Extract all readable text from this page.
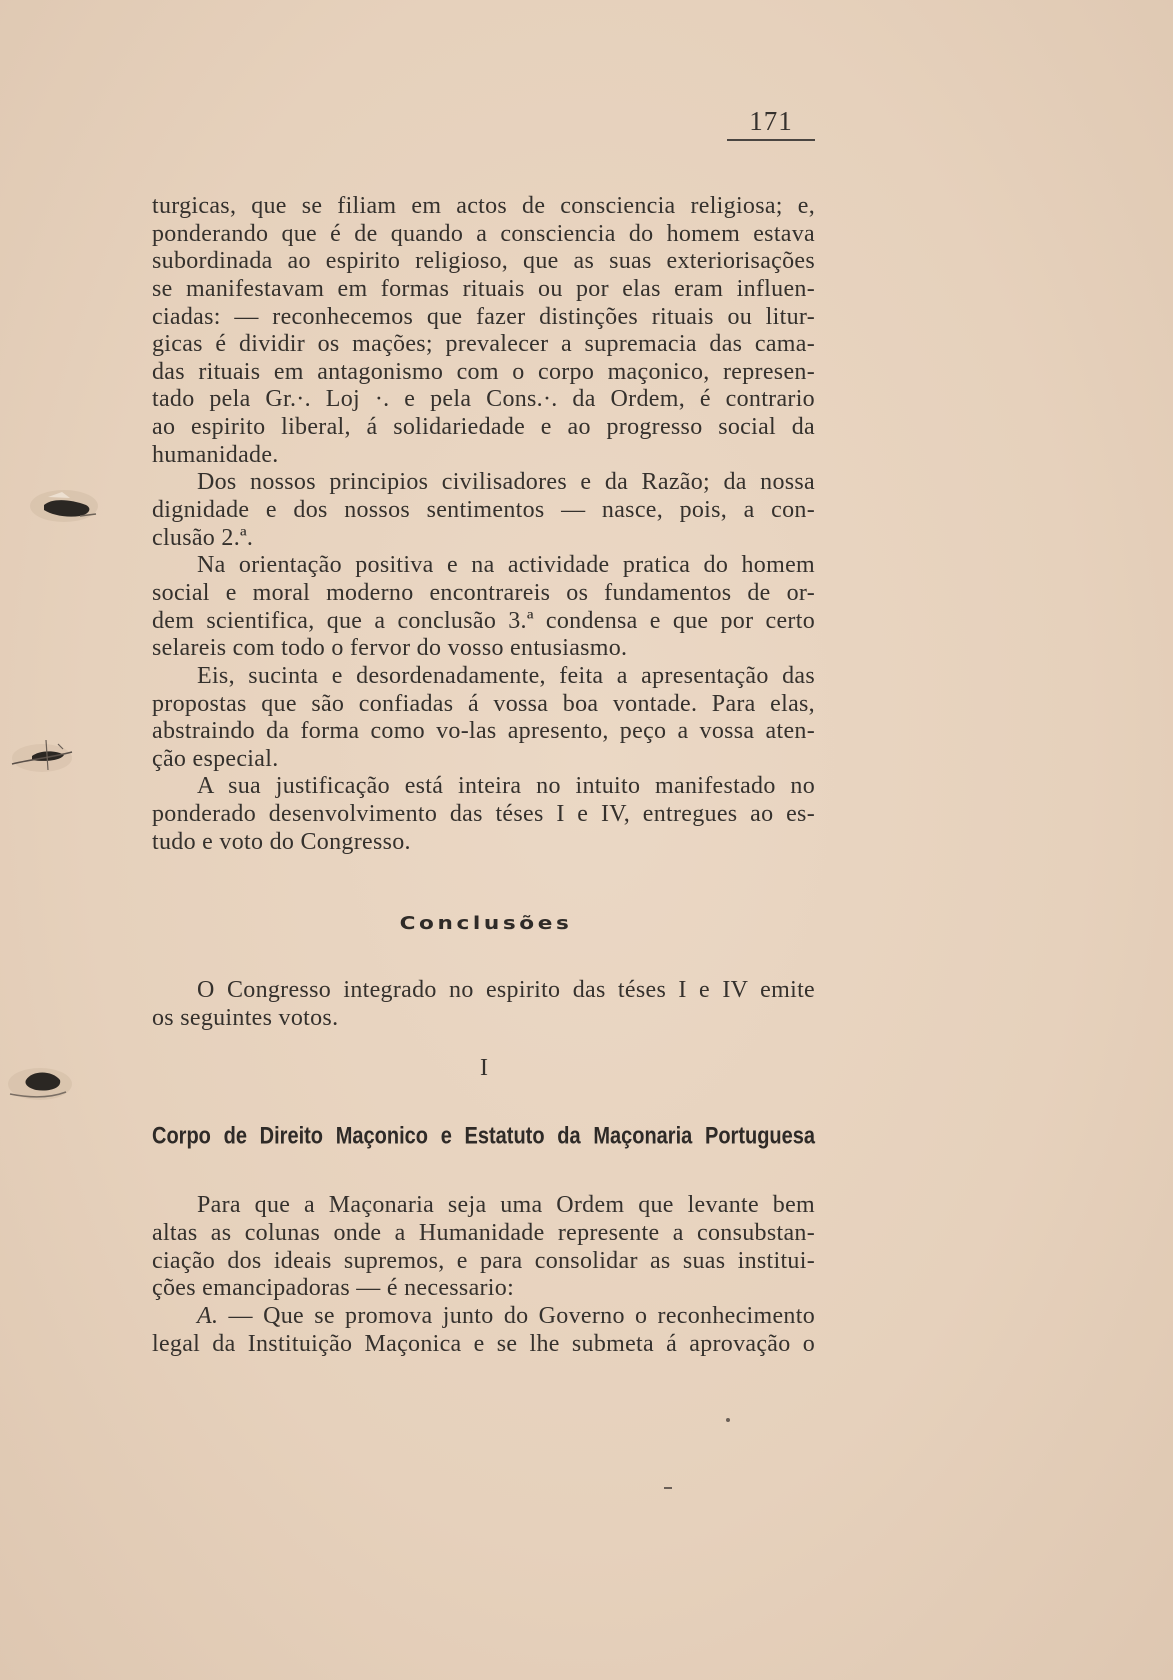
171
turgicas, que se filiam em actos de consciencia religiosa; e,
ponderando que é de quando a consciencia do homem estava
subordinada ao espirito religioso, que as suas exteriorisações
se manifestavam em formas rituais ou por elas eram influen-
ciadas: — reconhecemos que fazer distinções rituais ou litur-
gicas é dividir os mações; prevalecer a supremacia das cama-
das rituais em antagonismo com o corpo maçonico, represen-
tado pela Gr.·. Loj ·. e pela Cons.·. da Ordem, é contrario
ao espirito liberal, á solidariedade e ao progresso social da
humanidade.
Dos nossos principios civilisadores e da Razão; da nossa
dignidade e dos nossos sentimentos — nasce, pois, a con-
clusão 2.ª.
Na orientação positiva e na actividade pratica do homem
social e moral moderno encontrareis os fundamentos de or-
dem scientifica, que a conclusão 3.ª condensa e que por certo
selareis com todo o fervor do vosso entusiasmo.
Eis, sucinta e desordenadamente, feita a apresentação das
propostas que são confiadas á vossa boa vontade. Para elas,
abstraindo da forma como vo-las apresento, peço a vossa aten-
ção especial.
A sua justificação está inteira no intuito manifestado no
ponderado desenvolvimento das téses I e IV, entregues ao es-
tudo e voto do Congresso.
Conclusões
O Congresso integrado no espirito das téses I e IV emite
os seguintes votos.
I
Corpo de Direito Maçonico e Estatuto da Maçonaria Portuguesa
Para que a Maçonaria seja uma Ordem que levante bem
altas as colunas onde a Humanidade represente a consubstan-
ciação dos ideais supremos, e para consolidar as suas institui-
ções emancipadoras — é necessario:
A. — Que se promova junto do Governo o reconhecimento
legal da Instituição Maçonica e se lhe submeta á aprovação o
